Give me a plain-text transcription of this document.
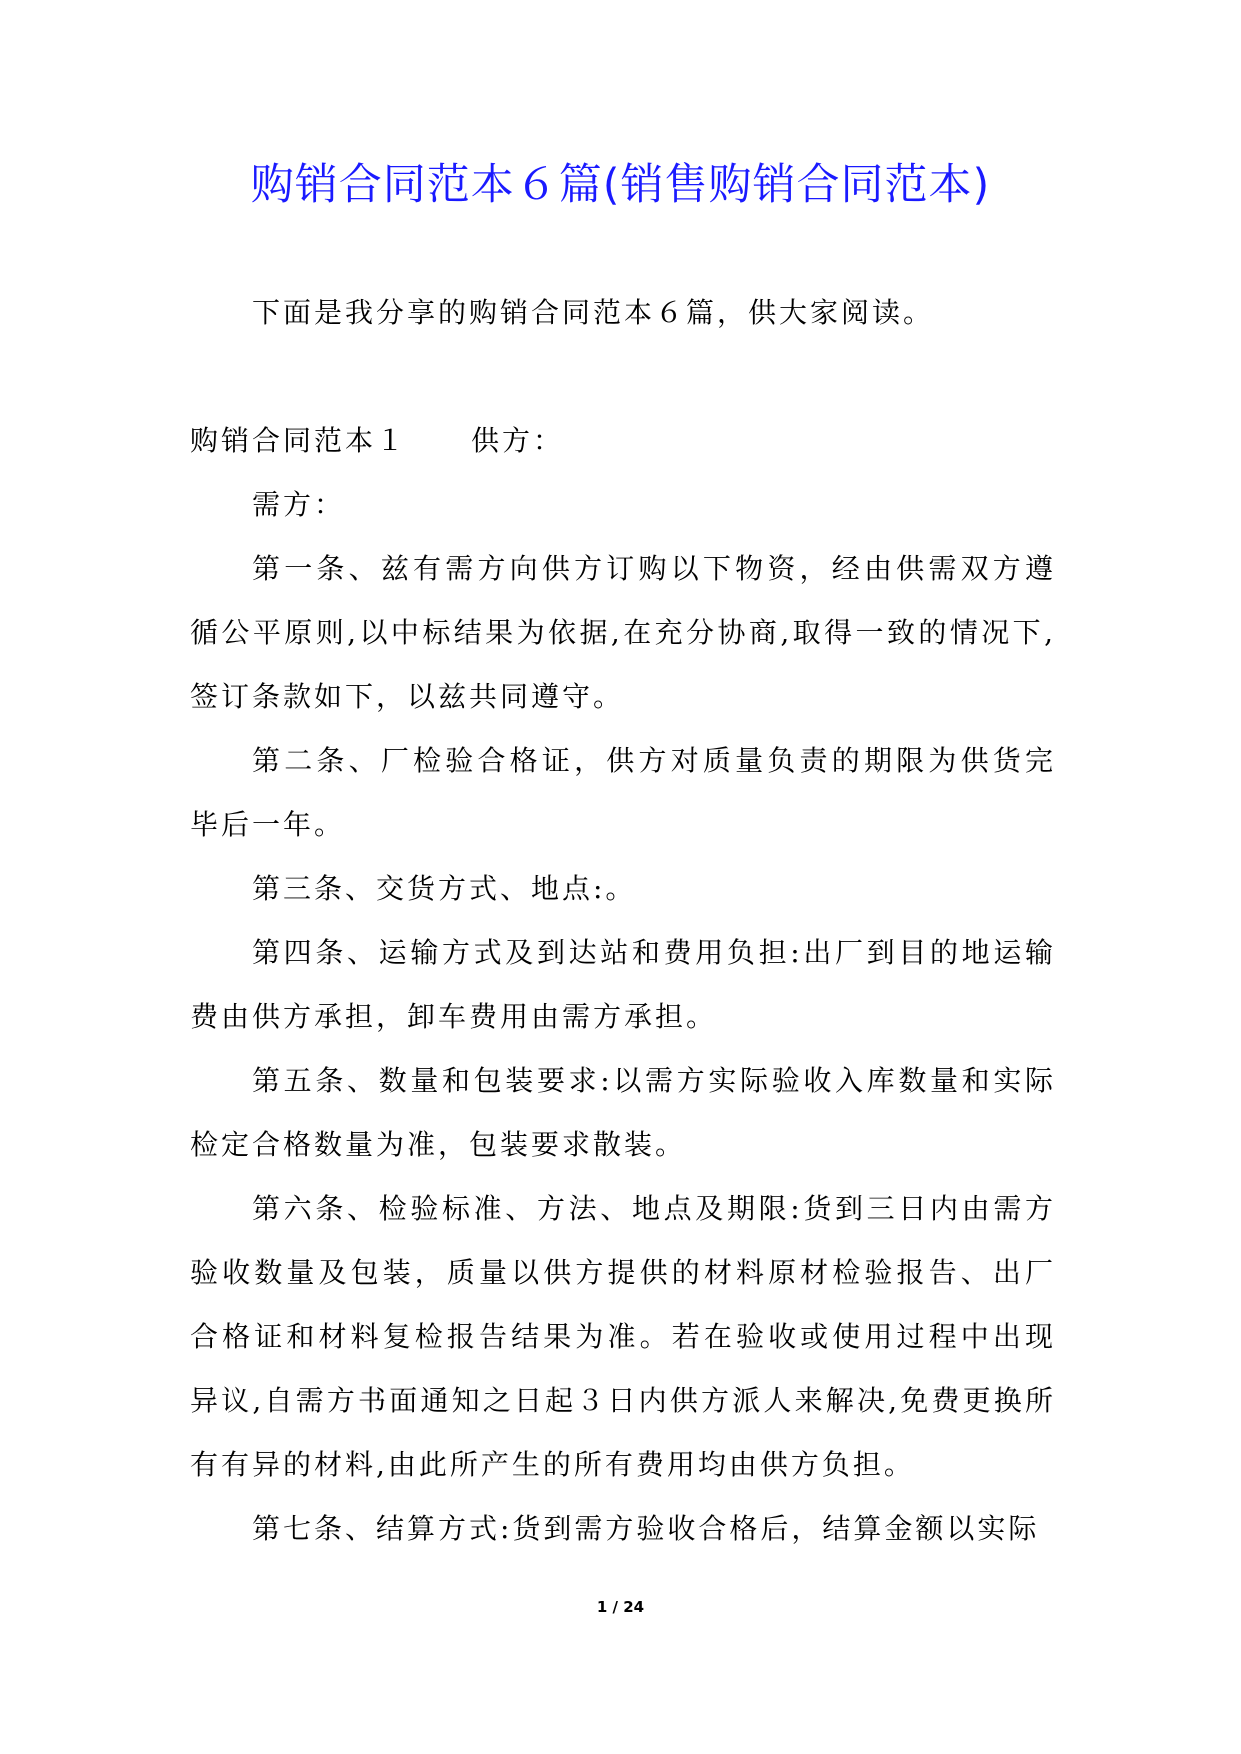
购销合同范本６篇(销售购销合同范本)

下面是我分享的购销合同范本６篇，供大家阅读。

购销合同范本１ 供方：

需方：

第一条、兹有需方向供方订购以下物资，经由供需双方遵循公平原则,以中标结果为依据,在充分协商,取得一致的情况下,签订条款如下，以兹共同遵守。

第二条、厂检验合格证，供方对质量负责的期限为供货完毕后一年。

第三条、交货方式、地点:。

第四条、运输方式及到达站和费用负担:出厂到目的地运输费由供方承担，卸车费用由需方承担。

第五条、数量和包装要求:以需方实际验收入库数量和实际检定合格数量为准，包装要求散装。

第六条、检验标准、方法、地点及期限:货到三日内由需方验收数量及包装，质量以供方提供的材料原材检验报告、出厂合格证和材料复检报告结果为准。若在验收或使用过程中出现异议,自需方书面通知之日起３日内供方派人来解决,免费更换所有有异的材料,由此所产生的所有费用均由供方负担。

第七条、结算方式:货到需方验收合格后，结算金额以实际

1 / 24
